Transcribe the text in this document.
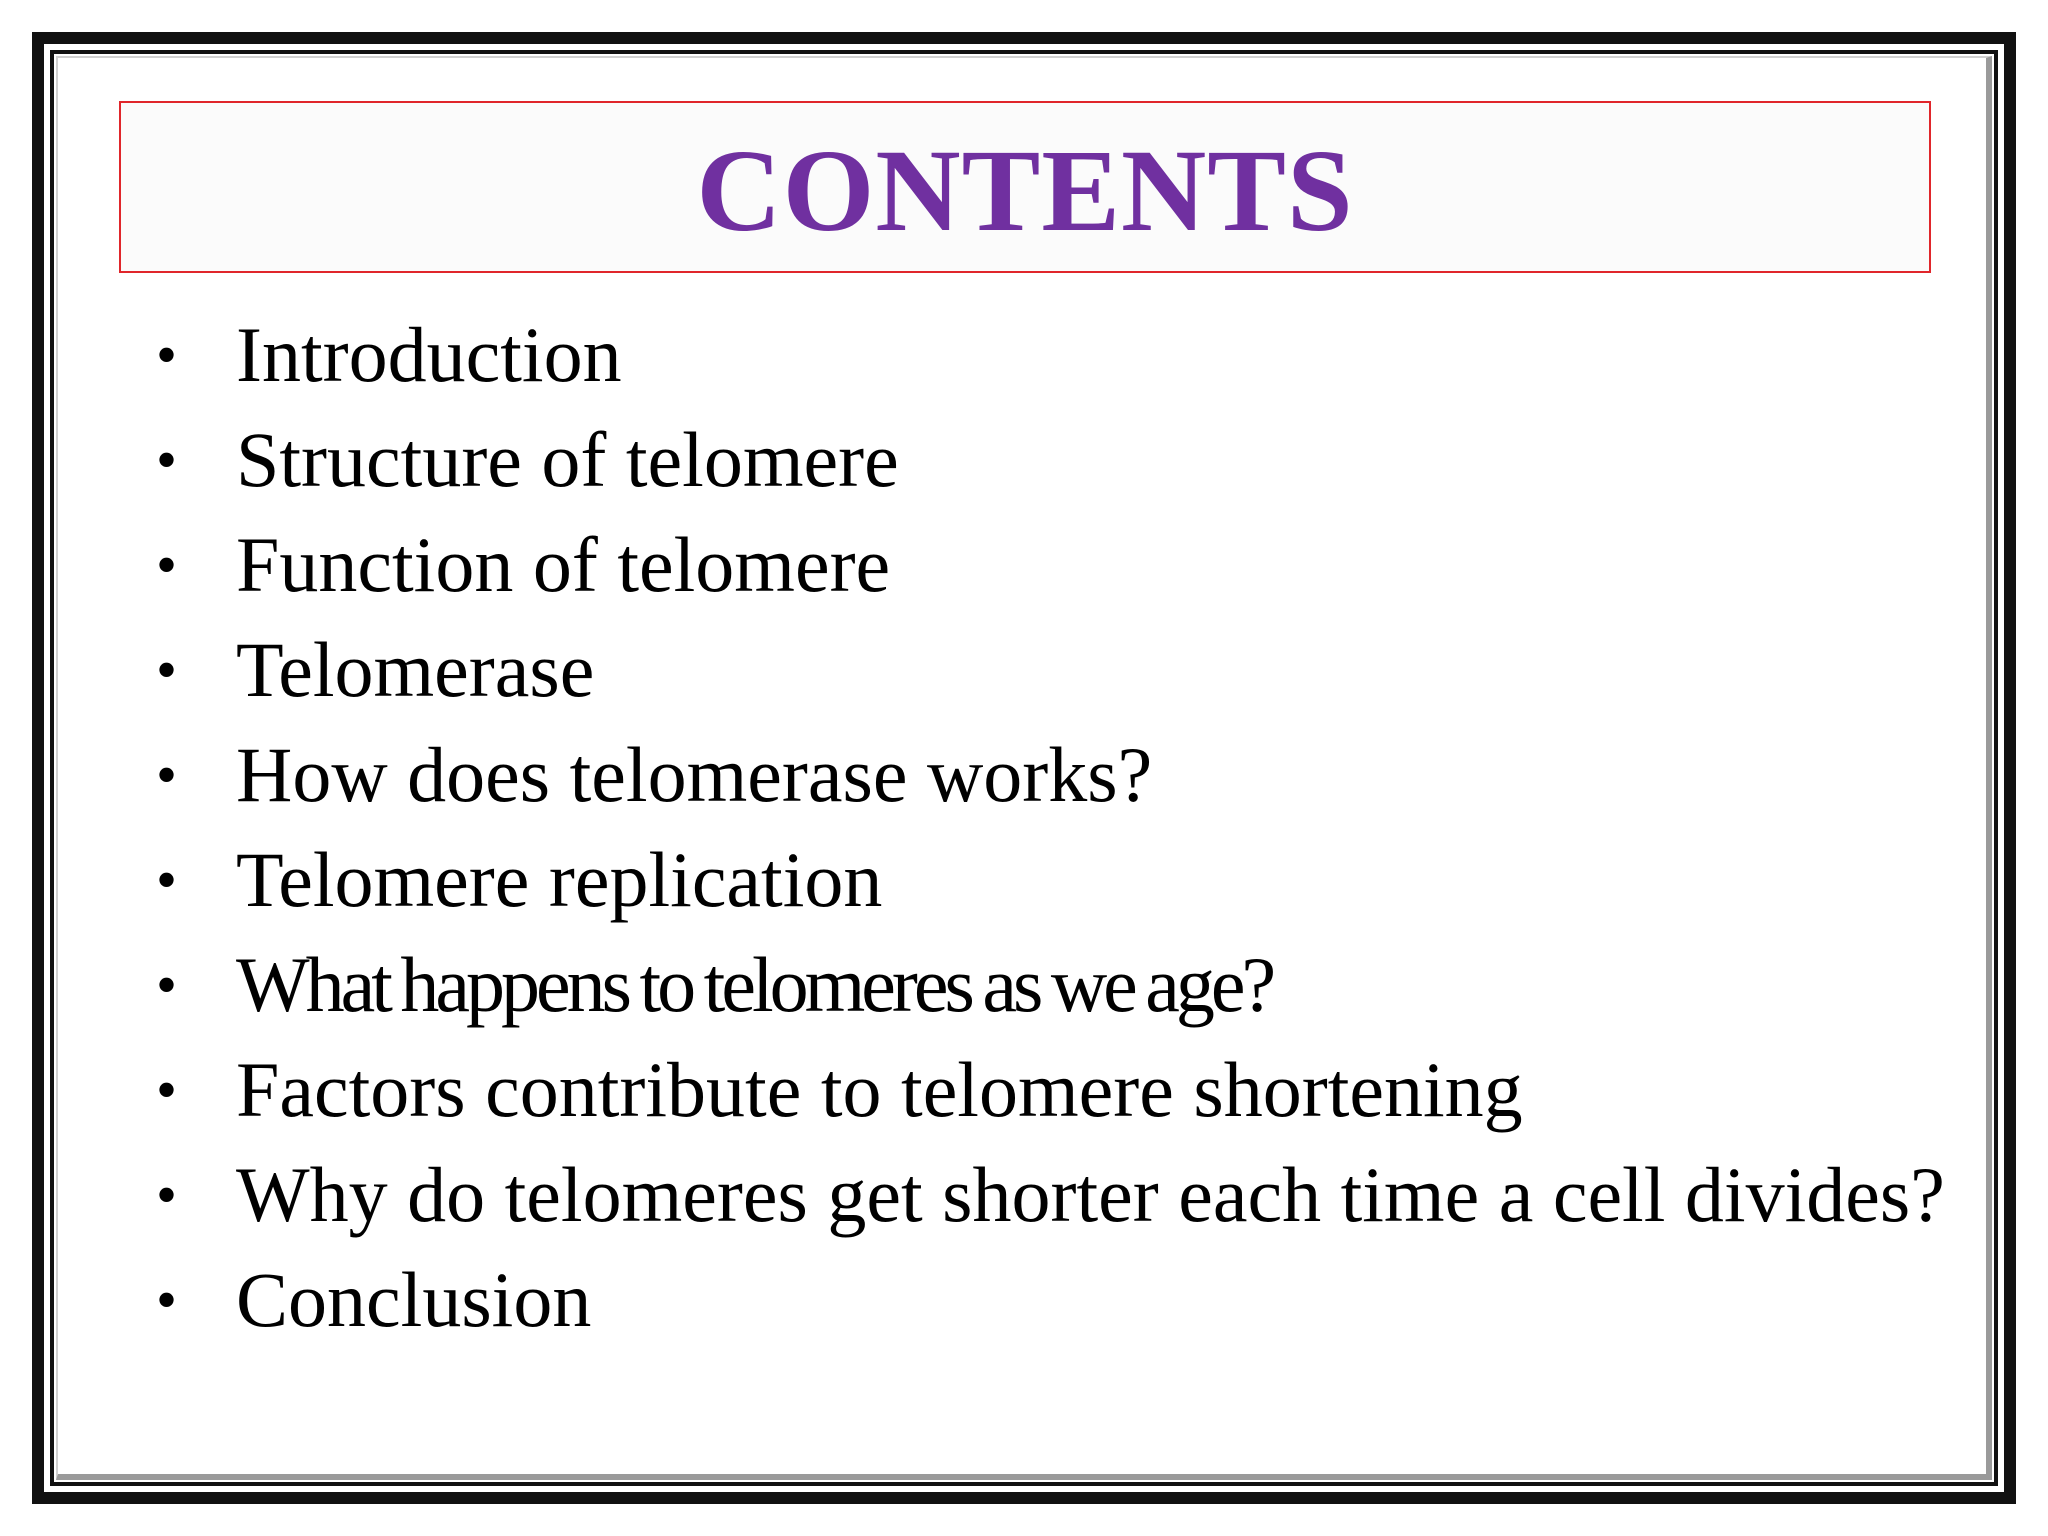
CONTENTS
• Introduction
• Structure of telomere
• Function of telomere
• Telomerase
• How does telomerase works?
• Telomere replication
• What happens to telomeres as we age?
• Factors contribute to telomere shortening
• Why do telomeres get shorter each time a cell divides?
• Conclusion
